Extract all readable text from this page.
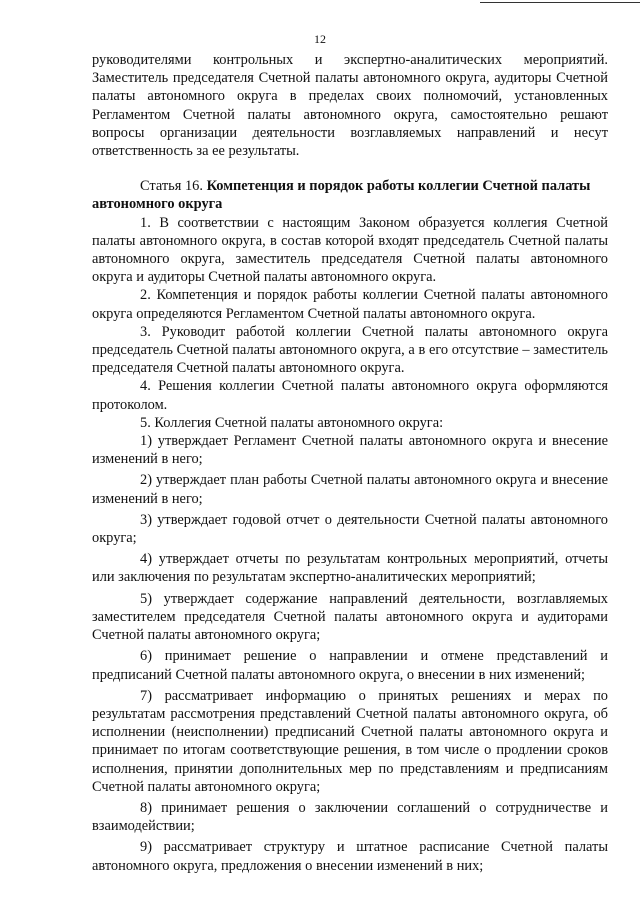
12

руководителями контрольных и экспертно-аналитических мероприятий. Заместитель председателя Счетной палаты автономного округа, аудиторы Счетной палаты автономного округа в пределах своих полномочий, установленных Регламентом Счетной палаты автономного округа, самостоятельно решают вопросы организации деятельности возглавляемых направлений и несут ответственность за ее результаты.

Статья 16. Компетенция и порядок работы коллегии Счетной палаты автономного округа

1. В соответствии с настоящим Законом образуется коллегия Счетной палаты автономного округа, в состав которой входят председатель Счетной палаты автономного округа, заместитель председателя Счетной палаты автономного округа и аудиторы Счетной палаты автономного округа.

2. Компетенция и порядок работы коллегии Счетной палаты автономного округа определяются Регламентом Счетной палаты автономного округа.

3. Руководит работой коллегии Счетной палаты автономного округа председатель Счетной палаты автономного округа, а в его отсутствие – заместитель председателя Счетной палаты автономного округа.

4. Решения коллегии Счетной палаты автономного округа оформляются протоколом.

5. Коллегия Счетной палаты автономного округа:

1) утверждает Регламент Счетной палаты автономного округа и внесение изменений в него;

2) утверждает план работы Счетной палаты автономного округа и внесение изменений в него;

3) утверждает годовой отчет о деятельности Счетной палаты автономного округа;

4) утверждает отчеты по результатам контрольных мероприятий, отчеты или заключения по результатам экспертно-аналитических мероприятий;

5) утверждает содержание направлений деятельности, возглавляемых заместителем председателя Счетной палаты автономного округа и аудиторами Счетной палаты автономного округа;

6) принимает решение о направлении и отмене представлений и предписаний Счетной палаты автономного округа, о внесении в них изменений;

7) рассматривает информацию о принятых решениях и мерах по результатам рассмотрения представлений Счетной палаты автономного округа, об исполнении (неисполнении) предписаний Счетной палаты автономного округа и принимает по итогам соответствующие решения, в том числе о продлении сроков исполнения, принятии дополнительных мер по представлениям и предписаниям Счетной палаты автономного округа;

8) принимает решения о заключении соглашений о сотрудничестве и взаимодействии;

9) рассматривает структуру и штатное расписание Счетной палаты автономного округа, предложения о внесении изменений в них;
